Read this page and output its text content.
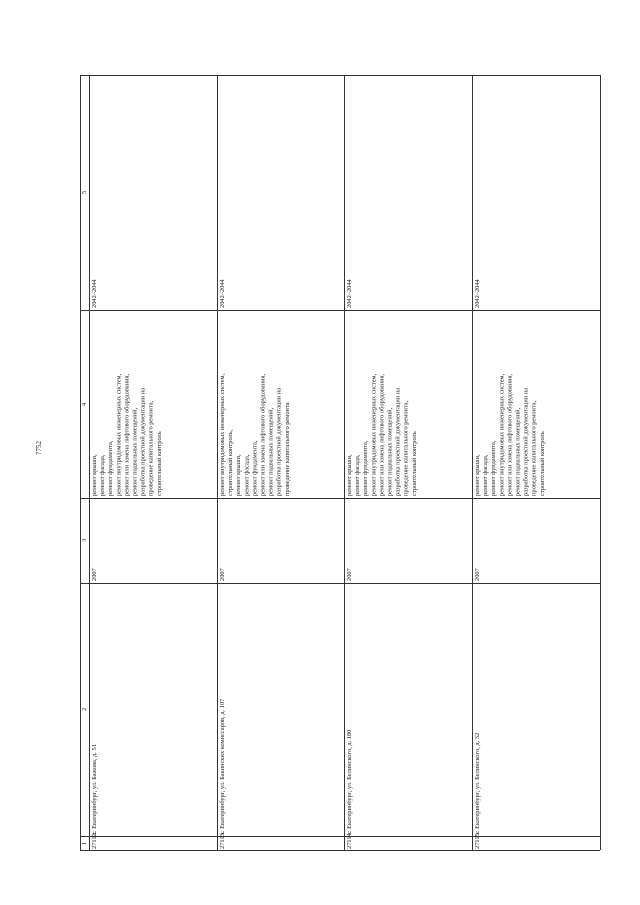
7752
1
2
3
4
5
27112.
г. Екатеринбург, ул. Бажова, д. 51
2007
ремонт крыши,
ремонт фасада,
ремонт фундамента,
ремонт внутридомовых инженерных систем,
ремонт или замена лифтового оборудования,
ремонт подвальных помещений,
разработка проектной документации на
проведение капитального ремонта,
строительный контроль
2042–2044
27113.
г. Екатеринбург, ул. Бакинских комиссаров, д. 107
2007
ремонт внутридомовых инженерных систем,
строительный контроль,
ремонт крыши,
ремонт фасада,
ремонт фундамента,
ремонт или замена лифтового оборудования,
ремонт подвальных помещений,
разработка проектной документации на
проведение капитального ремонта
2042–2044
27114.
г. Екатеринбург, ул. Белинского, д. 180
2007
ремонт крыши,
ремонт фасада,
ремонт фундамента,
ремонт внутридомовых инженерных систем,
ремонт или замена лифтового оборудования,
ремонт подвальных помещений,
разработка проектной документации на
проведение капитального ремонта,
строительный контроль
2042–2044
27115.
г. Екатеринбург, ул. Белинского, д. 32
2007
ремонт крыши,
ремонт фасада,
ремонт фундамента,
ремонт внутридомовых инженерных систем,
ремонт или замена лифтового оборудования,
ремонт подвальных помещений,
разработка проектной документации на
проведение капитального ремонта,
строительный контроль
2042–2044
